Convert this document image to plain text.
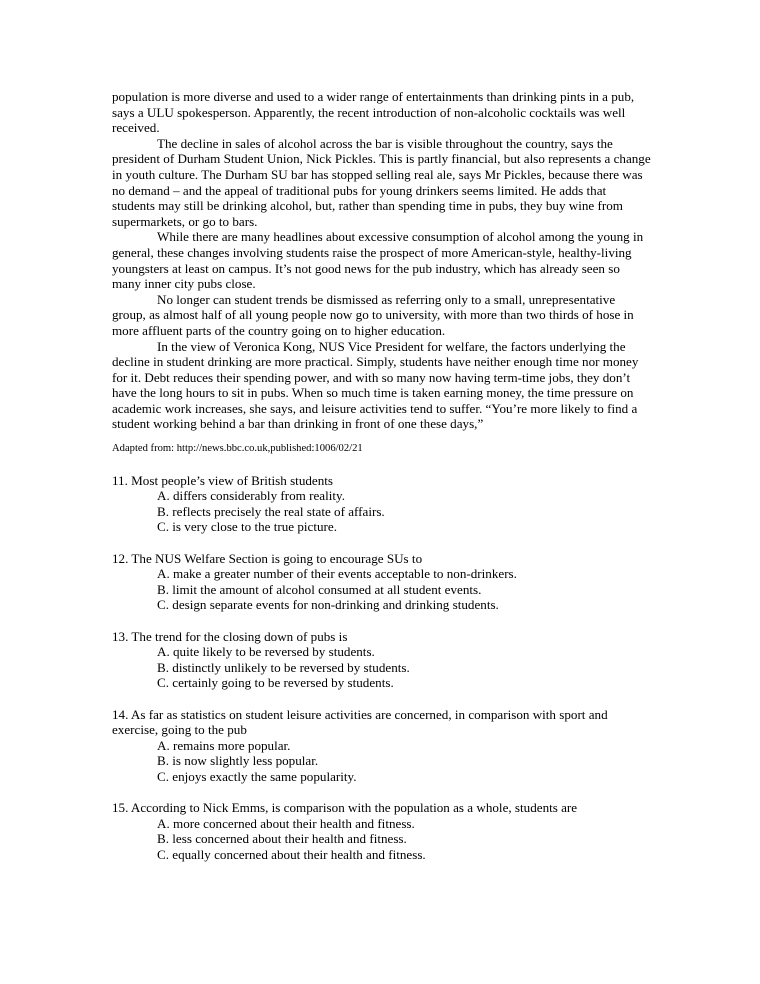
population is more diverse and used to a wider range of entertainments than drinking pints in a pub, says a ULU spokesperson. Apparently, the recent introduction of non-alcoholic cocktails was well received.

The decline in sales of alcohol across the bar is visible throughout the country, says the president of Durham Student Union, Nick Pickles. This is partly financial, but also represents a change in youth culture. The Durham SU bar has stopped selling real ale, says Mr Pickles, because there was no demand – and the appeal of traditional pubs for young drinkers seems limited. He adds that students may still be drinking alcohol, but, rather than spending time in pubs, they buy wine from supermarkets, or go to bars.

While there are many headlines about excessive consumption of alcohol among the young in general, these changes involving students raise the prospect of more American-style, healthy-living youngsters at least on campus. It’s not good news for the pub industry, which has already seen so many inner city pubs close.

No longer can student trends be dismissed as referring only to a small, unrepresentative group, as almost half of all young people now go to university, with more than two thirds of hose in more affluent parts of the country going on to higher education.

In the view of Veronica Kong, NUS Vice President for welfare, the factors underlying the decline in student drinking are more practical. Simply, students have neither enough time nor money for it. Debt reduces their spending power, and with so many now having term-time jobs, they don’t have the long hours to sit in pubs. When so much time is taken earning money, the time pressure on academic work increases, she says, and leisure activities tend to suffer. “You’re more likely to find a student working behind a bar than drinking in front of one these days,”

Adapted from: http://news.bbc.co.uk,published:1006/02/21

11. Most people’s view of British students

A. differs considerably from reality.
B. reflects precisely the real state of affairs.
C. is very close to the true picture.

12. The NUS Welfare Section is going to encourage SUs to

A. make a greater number of their events acceptable to non-drinkers.
B. limit the amount of alcohol consumed at all student events.
C. design separate events for non-drinking and drinking students.

13. The trend for the closing down of pubs is

A. quite likely to be reversed by students.
B. distinctly unlikely to be reversed by students.
C. certainly going to be reversed by students.

14. As far as statistics on student leisure activities are concerned, in comparison with sport and exercise, going to the pub

A. remains more popular.
B. is now slightly less popular.
C. enjoys exactly the same popularity.

15. According to Nick Emms, is comparison with the population as a whole, students are

A. more concerned about their health and fitness.
B. less concerned about their health and fitness.
C. equally concerned about their health and fitness.
